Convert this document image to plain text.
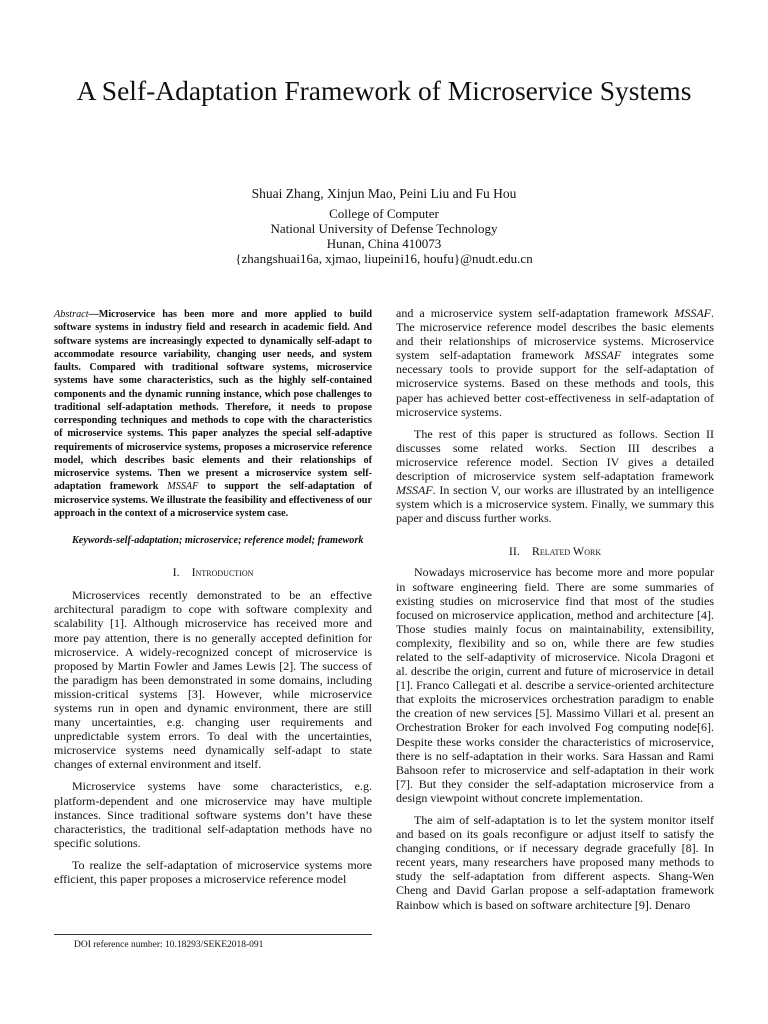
A Self-Adaptation Framework of Microservice Systems
Shuai Zhang, Xinjun Mao, Peini Liu and Fu Hou
College of Computer
National University of Defense Technology
Hunan, China 410073
{zhangshuai16a, xjmao, liupeini16, houfu}@nudt.edu.cn

Abstract—Microservice has been more and more applied to build software systems in industry field and research in academic field. And software systems are increasingly expected to dynamically self-adapt to accommodate resource variability, changing user needs, and system faults. Compared with traditional software systems, microservice systems have some characteristics, such as the highly self-contained components and the dynamic running instance, which pose challenges to traditional self-adaptation methods. Therefore, it needs to propose corresponding techniques and methods to cope with the characteristics of microservice systems. This paper analyzes the special self-adaptive requirements of microservice systems, proposes a microservice reference model, which describes basic elements and their relationships of microservice systems. Then we present a microservice system self-adaptation framework MSSAF to support the self-adaptation of microservice systems. We illustrate the feasibility and effectiveness of our approach in the context of a microservice system case.

Keywords-self-adaptation; microservice; reference model; framework

I. Introduction

Microservices recently demonstrated to be an effective architectural paradigm to cope with software complexity and scalability [1]. Although microservice has received more and more pay attention, there is no generally accepted definition for microservice. A widely-recognized concept of microservice is proposed by Martin Fowler and James Lewis [2]. The success of the paradigm has been demonstrated in some domains, including mission-critical systems [3]. However, while microservice systems run in open and dynamic environment, there are still many uncertainties, e.g. changing user requirements and unpredictable system errors. To deal with the uncertainties, microservice systems need dynamically self-adapt to state changes of external environment and itself.

Microservice systems have some characteristics, e.g. platform-dependent and one microservice may have multiple instances. Since traditional software systems don’t have these characteristics, the traditional self-adaptation methods have no specific solutions.

To realize the self-adaptation of microservice systems more efficient, this paper proposes a microservice reference model

and a microservice system self-adaptation framework MSSAF. The microservice reference model describes the basic elements and their relationships of microservice systems. Microservice system self-adaptation framework MSSAF integrates some necessary tools to provide support for the self-adaptation of microservice systems. Based on these methods and tools, this paper has achieved better cost-effectiveness in self-adaptation of microservice systems.

The rest of this paper is structured as follows. Section II discusses some related works. Section III describes a microservice reference model. Section IV gives a detailed description of microservice system self-adaptation framework MSSAF. In section V, our works are illustrated by an intelligence system which is a microservice system. Finally, we summary this paper and discuss further works.

II. Related Work

Nowadays microservice has become more and more popular in software engineering field. There are some summaries of existing studies on microservice find that most of the studies focused on microservice application, method and architecture [4]. Those studies mainly focus on maintainability, extensibility, complexity, flexibility and so on, while there are few studies related to the self-adaptivity of microservice. Nicola Dragoni et al. describe the origin, current and future of microservice in detail [1]. Franco Callegati et al. describe a service-oriented architecture that exploits the microservices orchestration paradigm to enable the creation of new services [5]. Massimo Villari et al. present an Orchestration Broker for each involved Fog computing node[6]. Despite these works consider the characteristics of microservice, there is no self-adaptation in their works. Sara Hassan and Rami Bahsoon refer to microservice and self-adaptation in their work [7]. But they consider the self-adaptation microservice from a design viewpoint without concrete implementation.

The aim of self-adaptation is to let the system monitor itself and based on its goals reconfigure or adjust itself to satisfy the changing conditions, or if necessary degrade gracefully [8]. In recent years, many researchers have proposed many methods to study the self-adaptation from different aspects. Shang-Wen Cheng and David Garlan propose a self-adaptation framework Rainbow which is based on software architecture [9]. Denaro

DOI reference number: 10.18293/SEKE2018-091
